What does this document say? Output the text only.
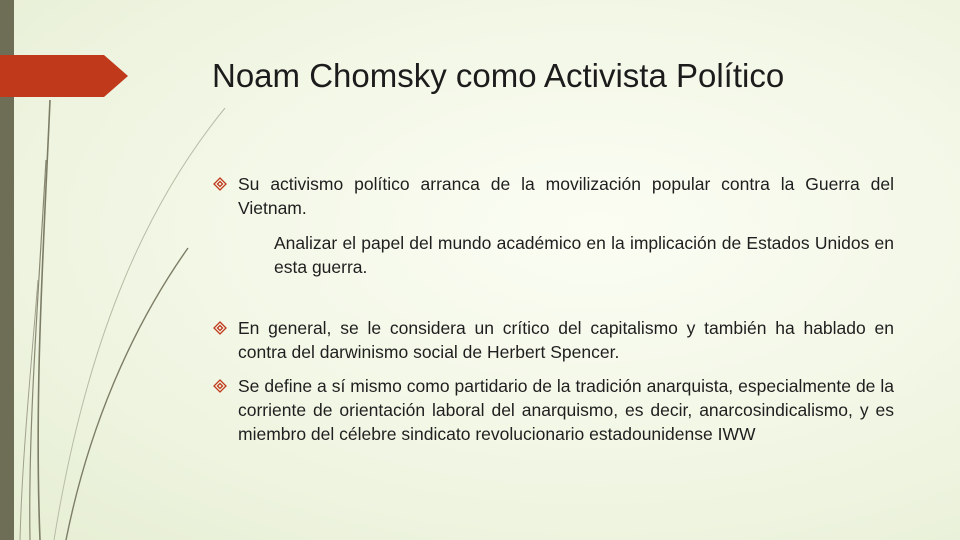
Noam Chomsky como Activista Político
Su activismo político arranca de la movilización popular contra la Guerra del Vietnam.
Analizar el papel del mundo académico en la implicación de Estados Unidos en esta guerra.
En general, se le considera un crítico del capitalismo y también ha hablado en contra del darwinismo social de Herbert Spencer.
Se define a sí mismo como partidario de la tradición anarquista, especialmente de la corriente de orientación laboral del anarquismo, es decir, anarcosindicalismo, y es miembro del célebre sindicato revolucionario estadounidense IWW
